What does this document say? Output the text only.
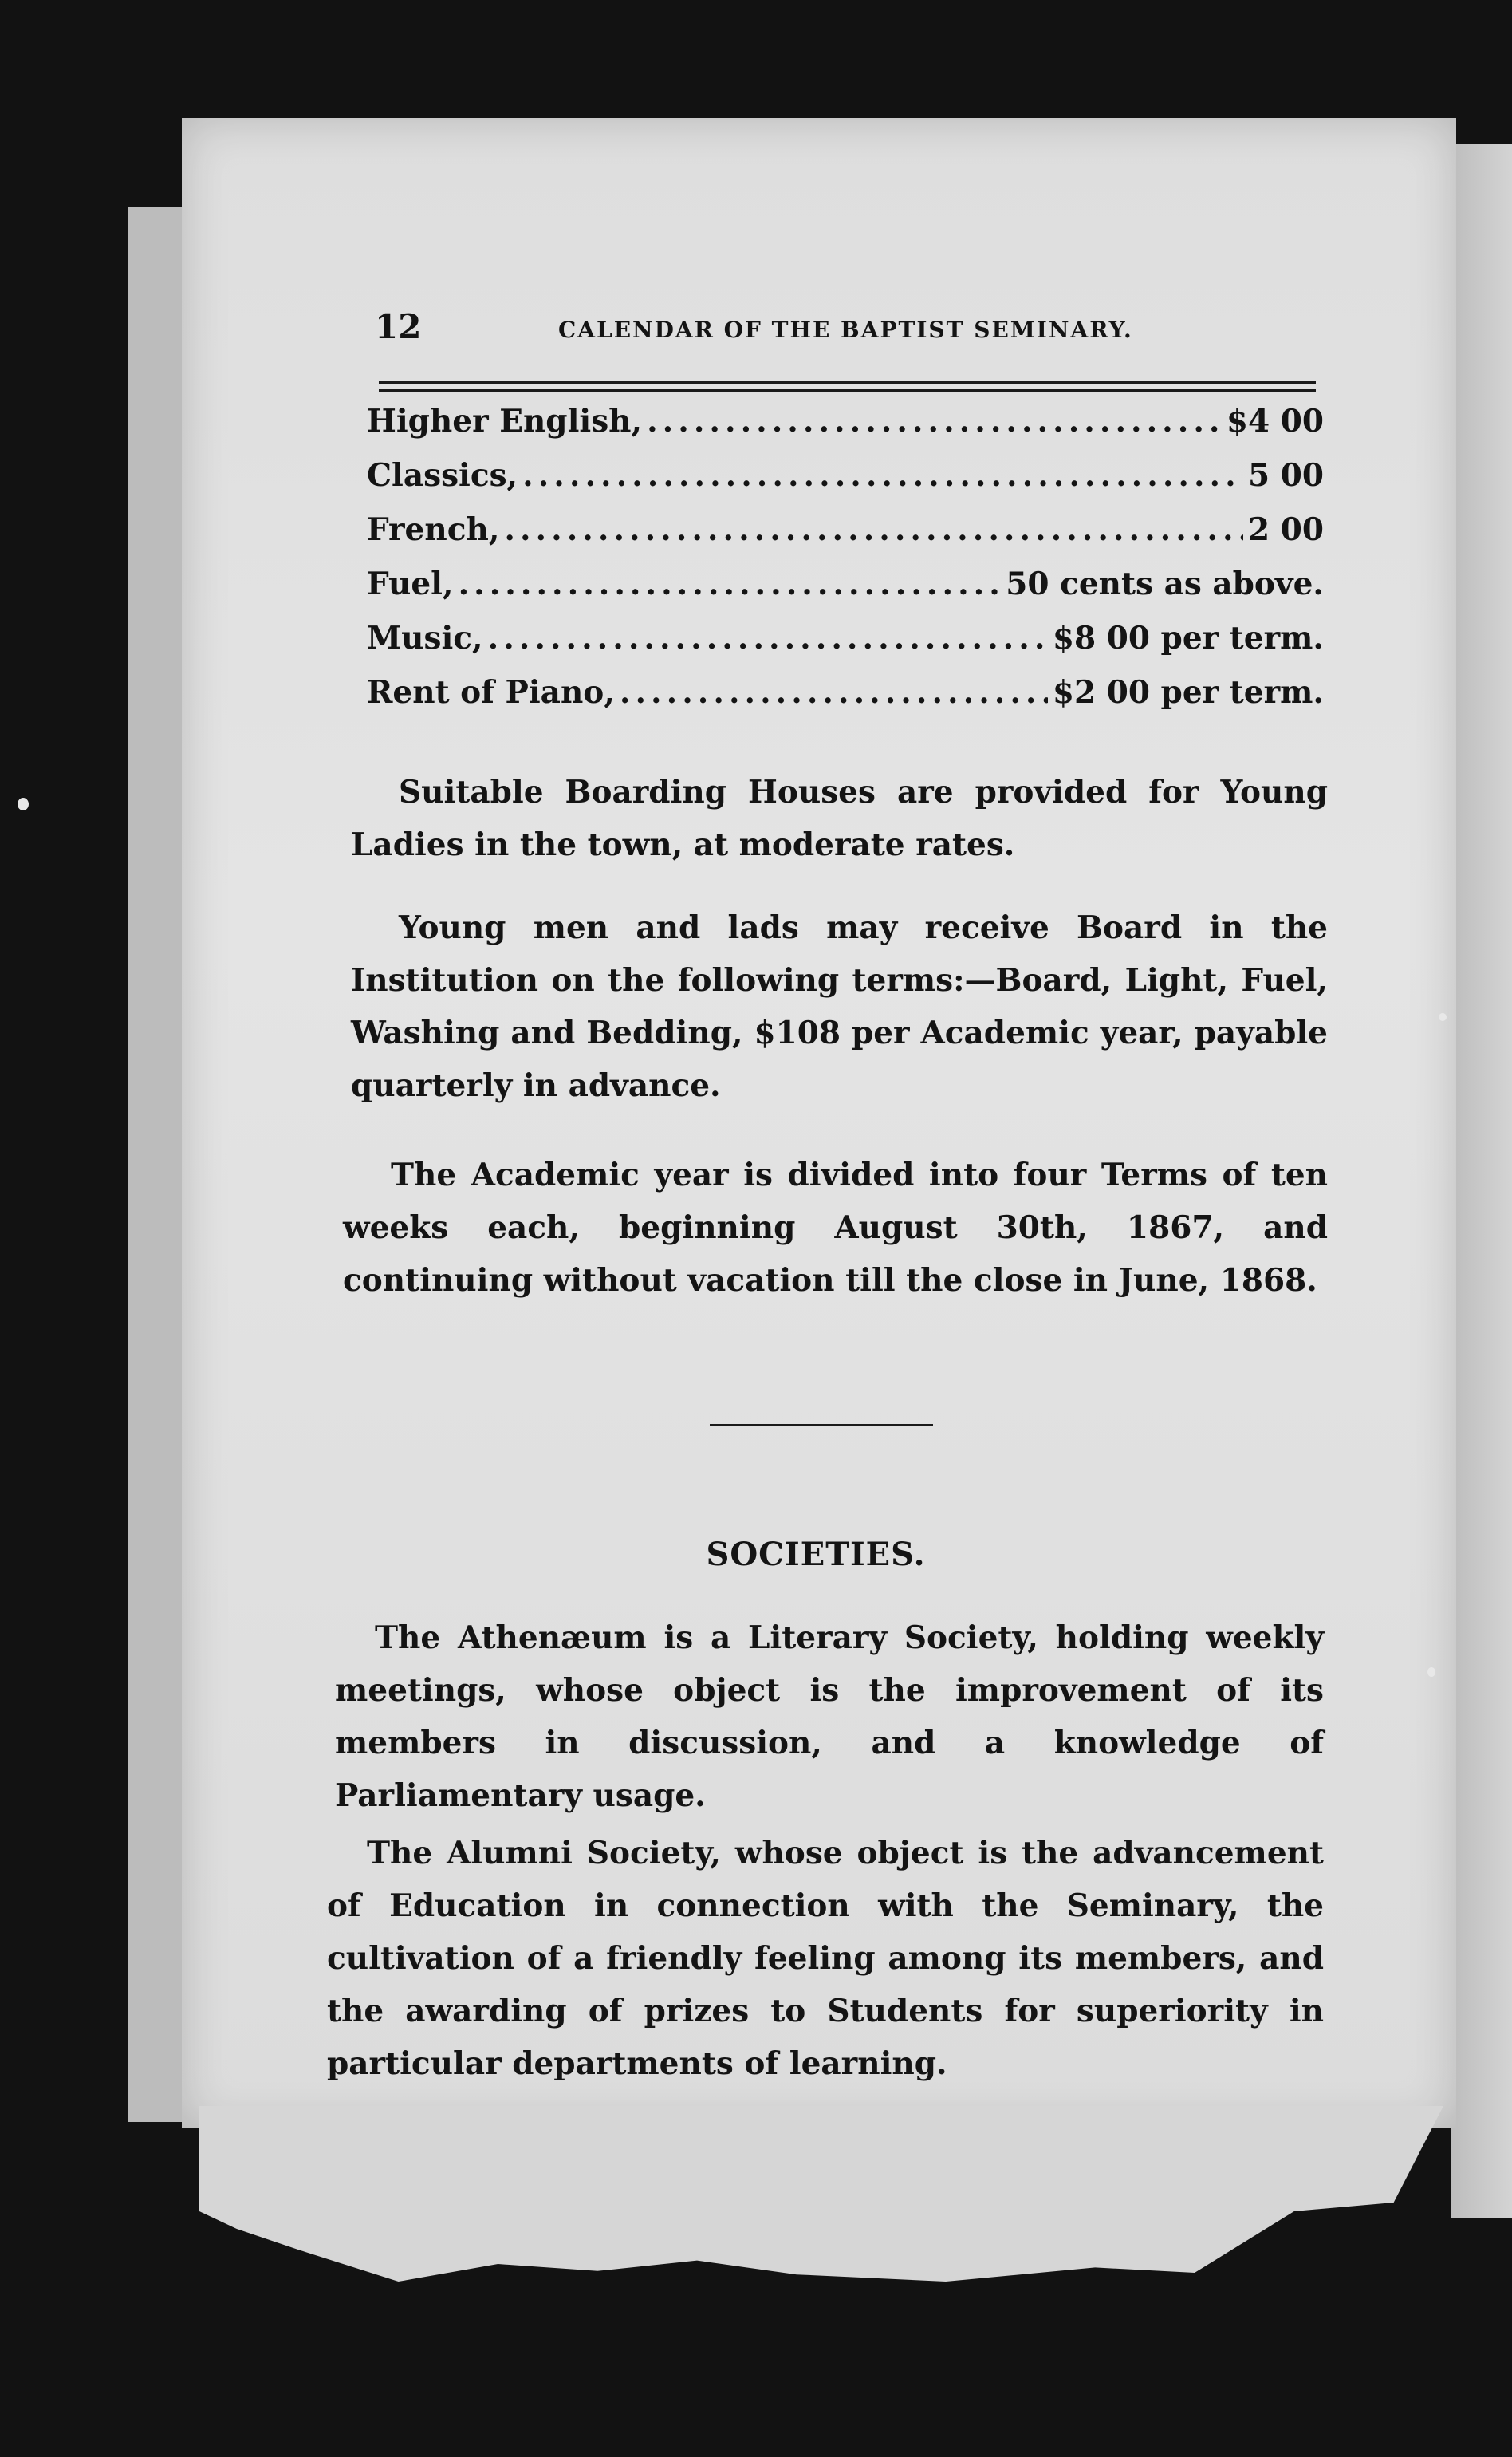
12	CALENDAR OF THE BAPTIST SEMINARY.
Higher English, .....	$4 00
Classics, .....	5 00
French, .....	2 00
Fuel, .....	50 cents as above.
Music, .....	$8 00 per term.
Rent of Piano, .....	$2 00 per term.

Suitable Boarding Houses are provided for Young Ladies in the town, at moderate rates.

Young men and lads may receive Board in the Institution on the following terms:—Board, Light, Fuel, Washing and Bedding, $108 per Academic year, payable quarterly in advance.

The Academic year is divided into four Terms of ten weeks each, beginning August 30th, 1867, and continuing without vacation till the close in June, 1868.

SOCIETIES.

The Athenæum is a Literary Society, holding weekly meetings, whose object is the improvement of its members in discussion, and a knowledge of Parliamentary usage.

The Alumni Society, whose object is the advancement of Education in connection with the Seminary, the cultivation of a friendly feeling among its members, and the awarding of prizes to Students for superiority in particular departments of learning.
